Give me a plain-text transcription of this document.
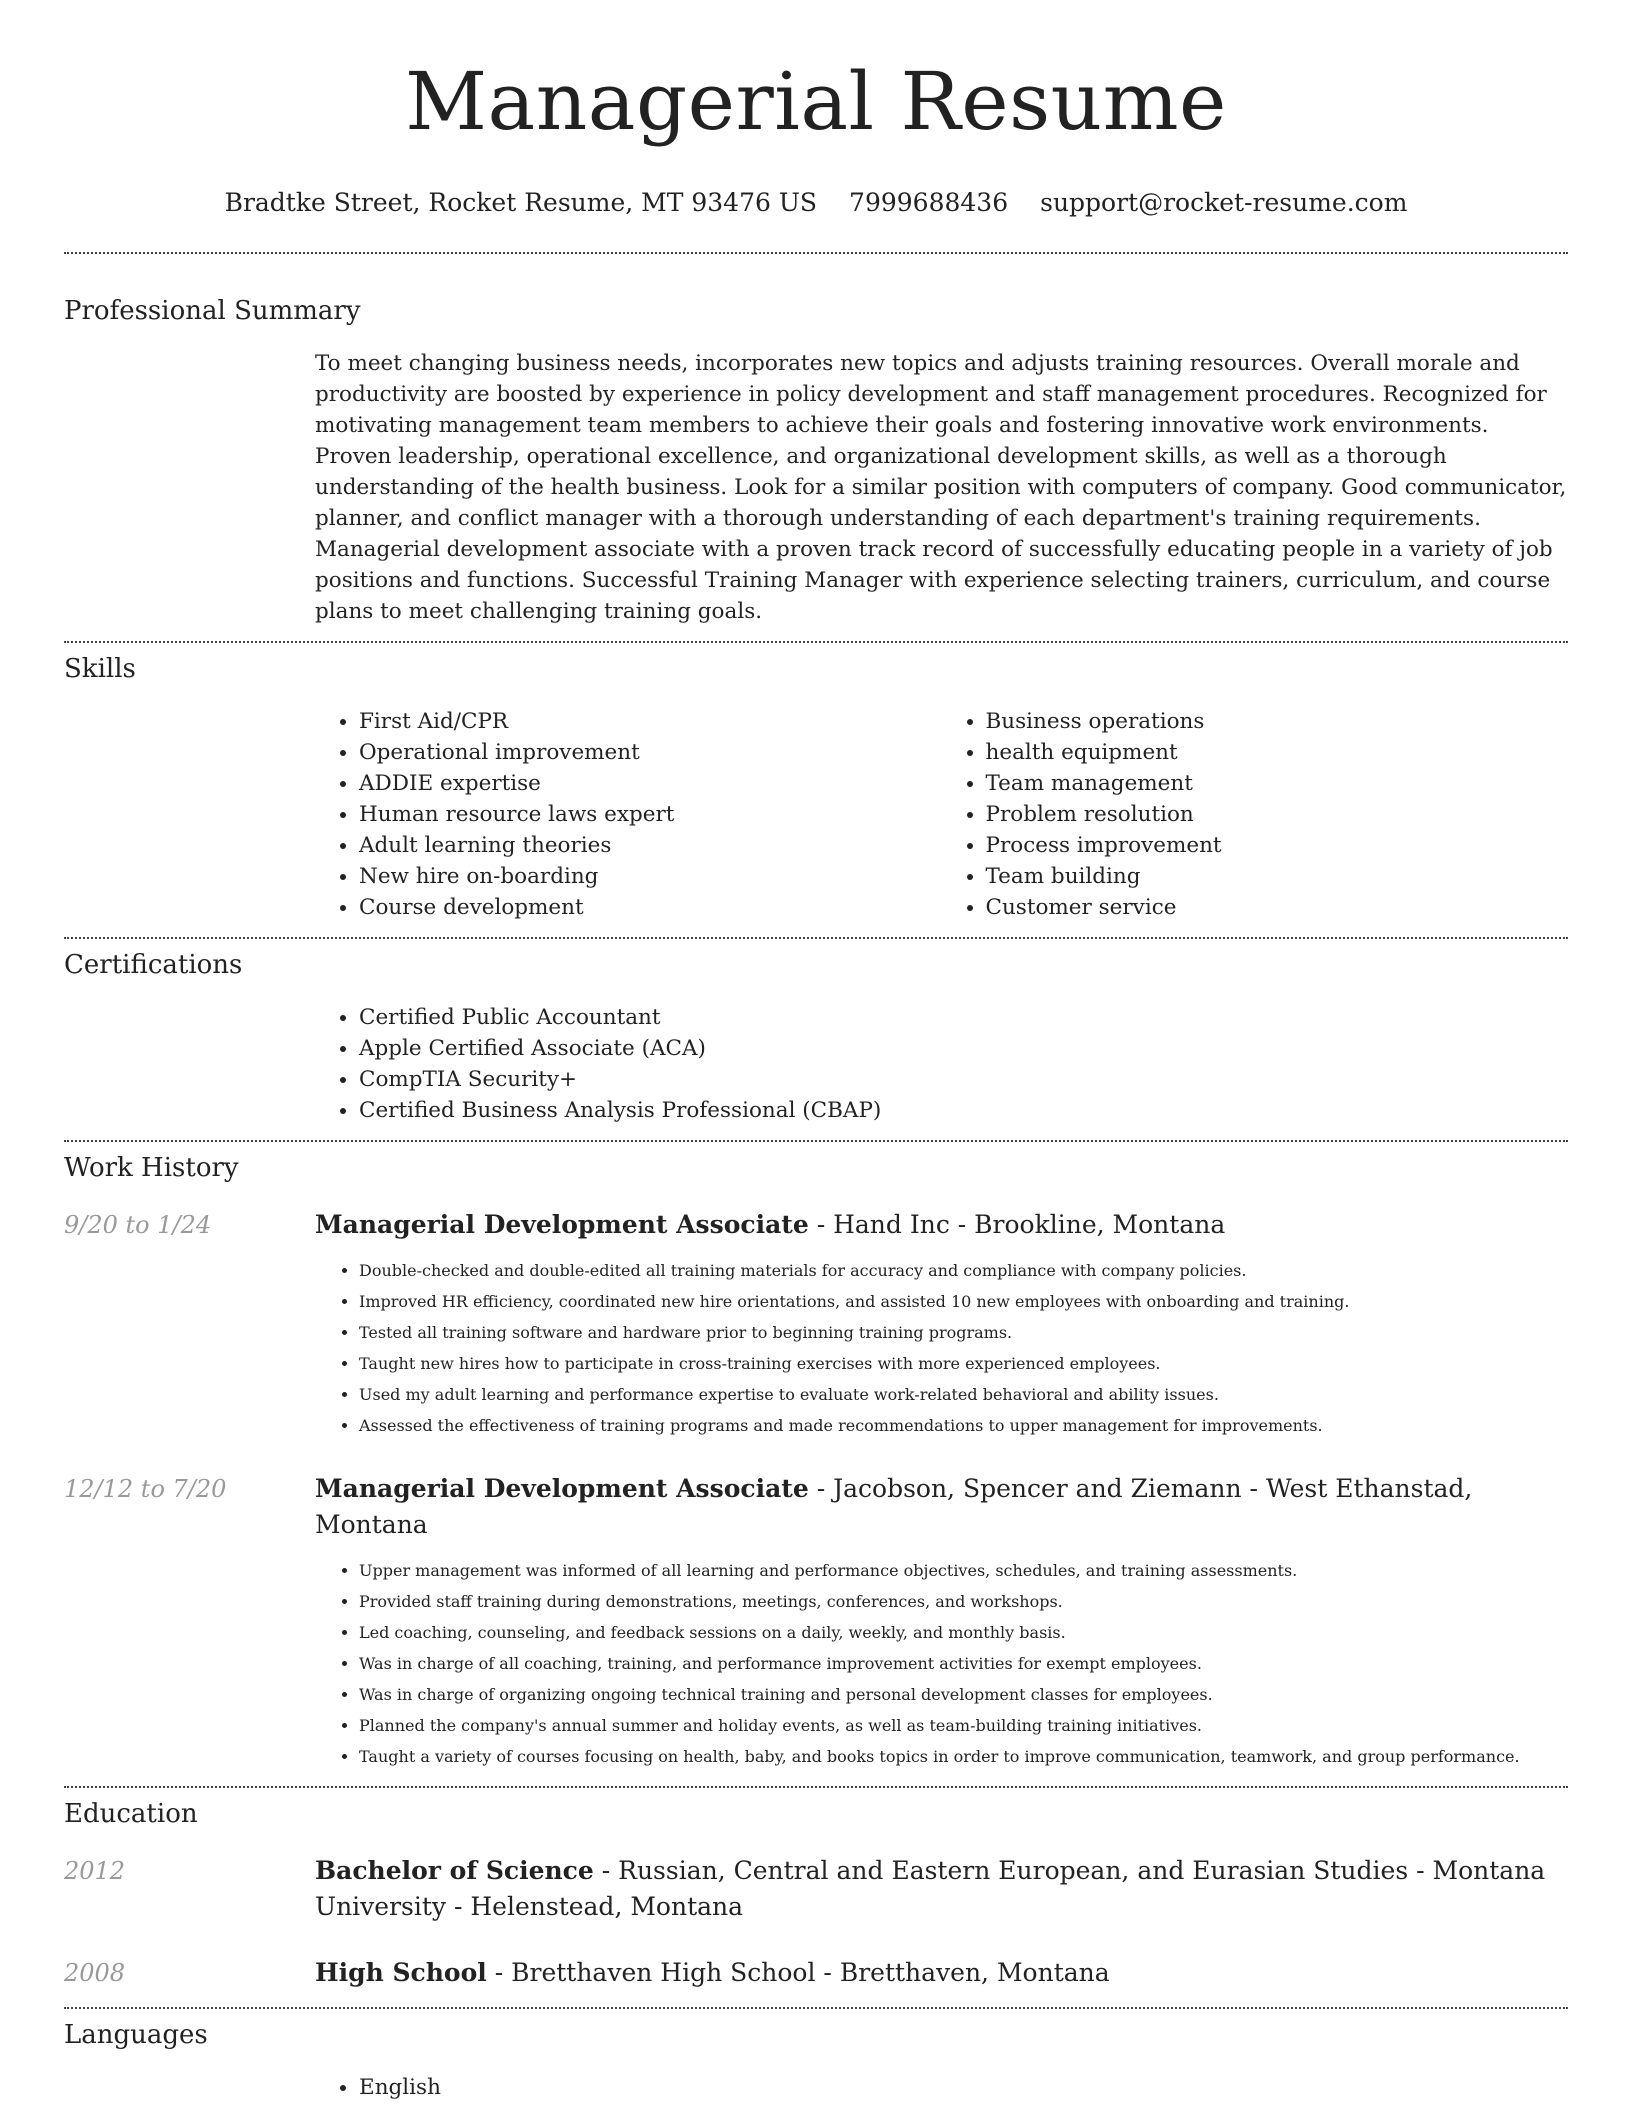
Managerial Resume
Bradtke Street, Rocket Resume, MT 93476 US 7999688436 support@rocket-resume.com
Professional Summary

To meet changing business needs, incorporates new topics and adjusts training resources. Overall morale and productivity are boosted by experience in policy development and staff management procedures. Recognized for motivating management team members to achieve their goals and fostering innovative work environments. Proven leadership, operational excellence, and organizational development skills, as well as a thorough understanding of the health business. Look for a similar position with computers of company. Good communicator, planner, and conflict manager with a thorough understanding of each department's training requirements. Managerial development associate with a proven track record of successfully educating people in a variety of job positions and functions. Successful Training Manager with experience selecting trainers, curriculum, and course plans to meet challenging training goals.

Skills
• First Aid/CPR
• Operational improvement
• ADDIE expertise
• Human resource laws expert
• Adult learning theories
• New hire on-boarding
• Course development
• Business operations
• health equipment
• Team management
• Problem resolution
• Process improvement
• Team building
• Customer service
Certifications
• Certified Public Accountant
• Apple Certified Associate (ACA)
• CompTIA Security+
• Certified Business Analysis Professional (CBAP)
Work History
9/20 to 1/24	Managerial Development Associate - Hand Inc - Brookline, Montana
• Double-checked and double-edited all training materials for accuracy and compliance with company policies.
• Improved HR efficiency, coordinated new hire orientations, and assisted 10 new employees with onboarding and training.
• Tested all training software and hardware prior to beginning training programs.
• Taught new hires how to participate in cross-training exercises with more experienced employees.
• Used my adult learning and performance expertise to evaluate work-related behavioral and ability issues.
• Assessed the effectiveness of training programs and made recommendations to upper management for improvements.
12/12 to 7/20	Managerial Development Associate - Jacobson, Spencer and Ziemann - West Ethanstad, Montana
• Upper management was informed of all learning and performance objectives, schedules, and training assessments.
• Provided staff training during demonstrations, meetings, conferences, and workshops.
• Led coaching, counseling, and feedback sessions on a daily, weekly, and monthly basis.
• Was in charge of all coaching, training, and performance improvement activities for exempt employees.
• Was in charge of organizing ongoing technical training and personal development classes for employees.
• Planned the company's annual summer and holiday events, as well as team-building training initiatives.
• Taught a variety of courses focusing on health, baby, and books topics in order to improve communication, teamwork, and group performance.
Education
2012	Bachelor of Science - Russian, Central and Eastern European, and Eurasian Studies - Montana University - Helenstead, Montana
2008	High School - Bretthaven High School - Bretthaven, Montana
Languages
• English
